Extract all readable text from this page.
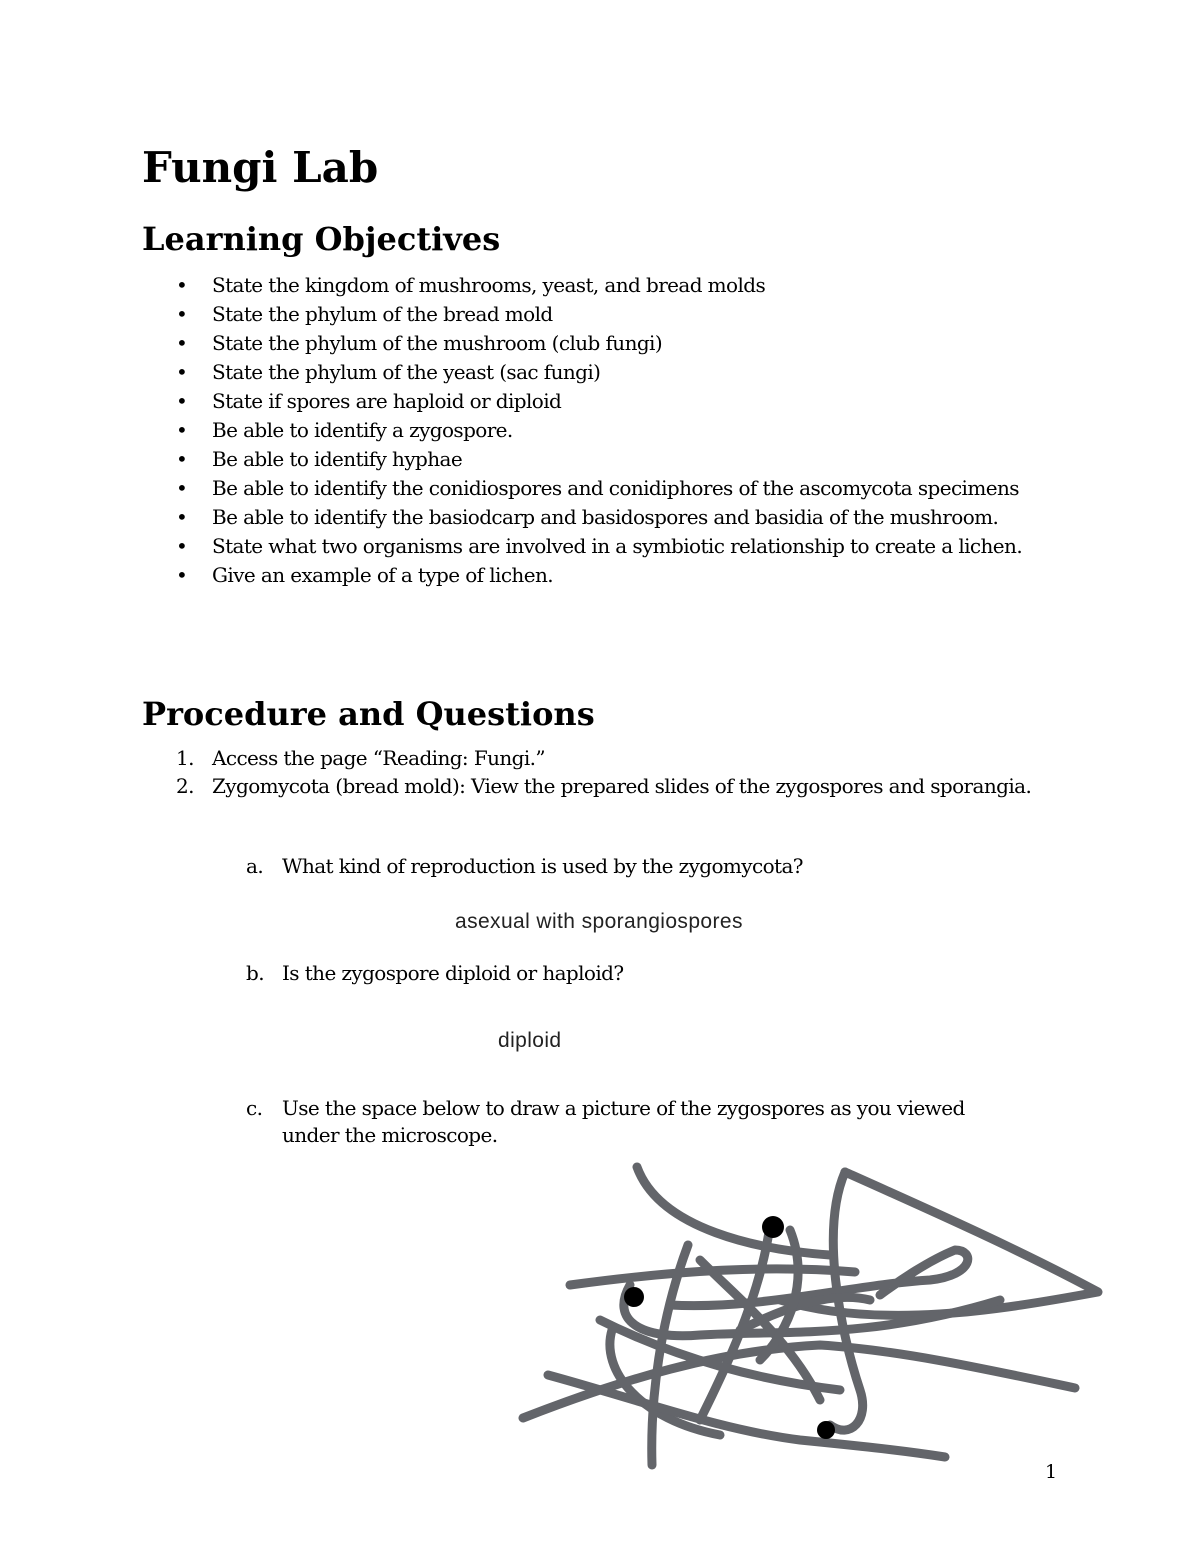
Fungi Lab
Learning Objectives
• State the kingdom of mushrooms, yeast, and bread molds
• State the phylum of the bread mold
• State the phylum of the mushroom (club fungi)
• State the phylum of the yeast (sac fungi)
• State if spores are haploid or diploid
• Be able to identify a zygospore.
• Be able to identify hyphae
• Be able to identify the conidiospores and conidiphores of the ascomycota specimens
• Be able to identify the basiodcarp and basidospores and basidia of the mushroom.
• State what two organisms are involved in a symbiotic relationship to create a lichen.
• Give an example of a type of lichen.
Procedure and Questions
1. Access the page “Reading: Fungi.”
2. Zygomycota (bread mold): View the prepared slides of the zygospores and sporangia.
a. What kind of reproduction is used by the zygomycota?
asexual with sporangiospores
b. Is the zygospore diploid or haploid?
diploid
c. Use the space below to draw a picture of the zygospores as you viewed under the microscope.
1
